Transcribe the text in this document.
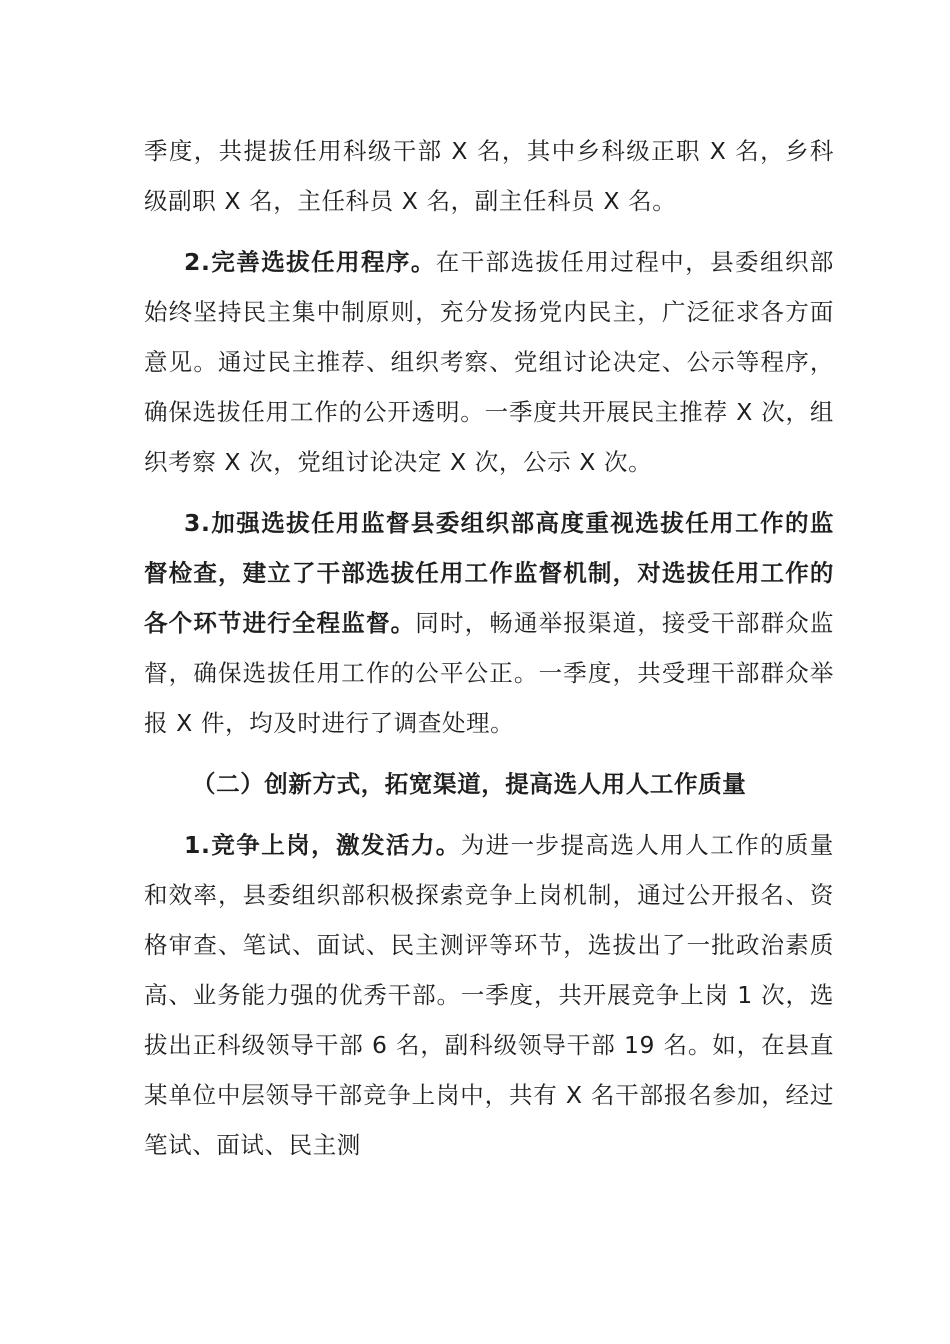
季度，共提拔任用科级干部 X 名，其中乡科级正职 X 名，乡科级副职 X 名，主任科员 X 名，副主任科员 X 名。

2.完善选拔任用程序。在干部选拔任用过程中，县委组织部始终坚持民主集中制原则，充分发扬党内民主，广泛征求各方面意见。通过民主推荐、组织考察、党组讨论决定、公示等程序，确保选拔任用工作的公开透明。一季度共开展民主推荐 X 次，组织考察 X 次，党组讨论决定 X 次，公示 X 次。

3.加强选拔任用监督县委组织部高度重视选拔任用工作的监督检查，建立了干部选拔任用工作监督机制，对选拔任用工作的各个环节进行全程监督。同时，畅通举报渠道，接受干部群众监督，确保选拔任用工作的公平公正。一季度，共受理干部群众举报 X 件，均及时进行了调查处理。

（二）创新方式，拓宽渠道，提高选人用人工作质量

1.竞争上岗，激发活力。为进一步提高选人用人工作的质量和效率，县委组织部积极探索竞争上岗机制，通过公开报名、资格审查、笔试、面试、民主测评等环节，选拔出了一批政治素质高、业务能力强的优秀干部。一季度，共开展竞争上岗 1 次，选拔出正科级领导干部 6 名，副科级领导干部 19 名。如，在县直某单位中层领导干部竞争上岗中，共有 X 名干部报名参加，经过笔试、面试、民主测
